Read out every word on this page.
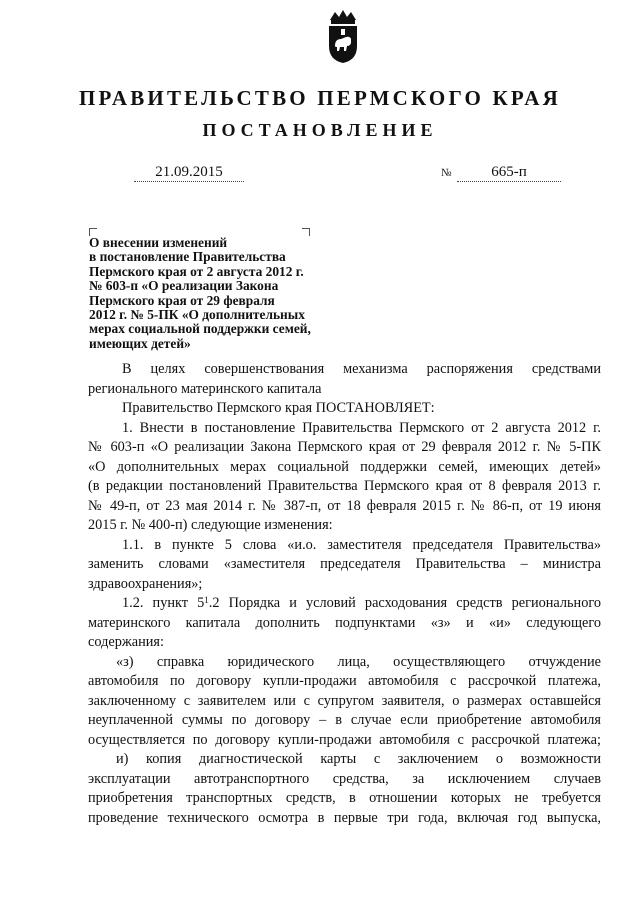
ПРАВИТЕЛЬСТВО ПЕРМСКОГО КРАЯ
ПОСТАНОВЛЕНИЕ
21.09.2015	№	665-п
О внесении изменений
в постановление Правительства
Пермского края от 2 августа 2012 г.
№ 603-п «О реализации Закона
Пермского края от 29 февраля
2012 г. № 5-ПК «О дополнительных
мерах социальной поддержки семей,
имеющих детей»
В целях совершенствования механизма распоряжения средствами
регионального материнского капитала
Правительство Пермского края ПОСТАНОВЛЯЕТ:
1. Внести в постановление Правительства Пермского от 2 августа 2012 г.
№ 603-п «О реализации Закона Пермского края от 29 февраля 2012 г. № 5-ПК
«О дополнительных мерах социальной поддержки семей, имеющих детей»
(в редакции постановлений Правительства Пермского края от 8 февраля 2013 г.
№ 49-п, от 23 мая 2014 г. № 387-п, от 18 февраля 2015 г. № 86-п, от 19 июня
2015 г. № 400-п) следующие изменения:
1.1. в пункте 5 слова «и.о. заместителя председателя Правительства»
заменить словами «заместителя председателя Правительства – министра
здравоохранения»;
1.2. пункт $5^1.2$ Порядка и условий расходования средств регионального
материнского капитала дополнить подпунктами «з» и «и» следующего
содержания:
«з) справка юридического лица, осуществляющего отчуждение
автомобиля по договору купли-продажи автомобиля с рассрочкой платежа,
заключенному с заявителем или с супругом заявителя, о размерах оставшейся
неуплаченной суммы по договору – в случае если приобретение автомобиля
осуществляется по договору купли-продажи автомобиля с рассрочкой платежа;
и) копия диагностической карты с заключением о возможности
эксплуатации автотранспортного средства, за исключением случаев
приобретения транспортных средств, в отношении которых не требуется
проведение технического осмотра в первые три года, включая год выпуска,
